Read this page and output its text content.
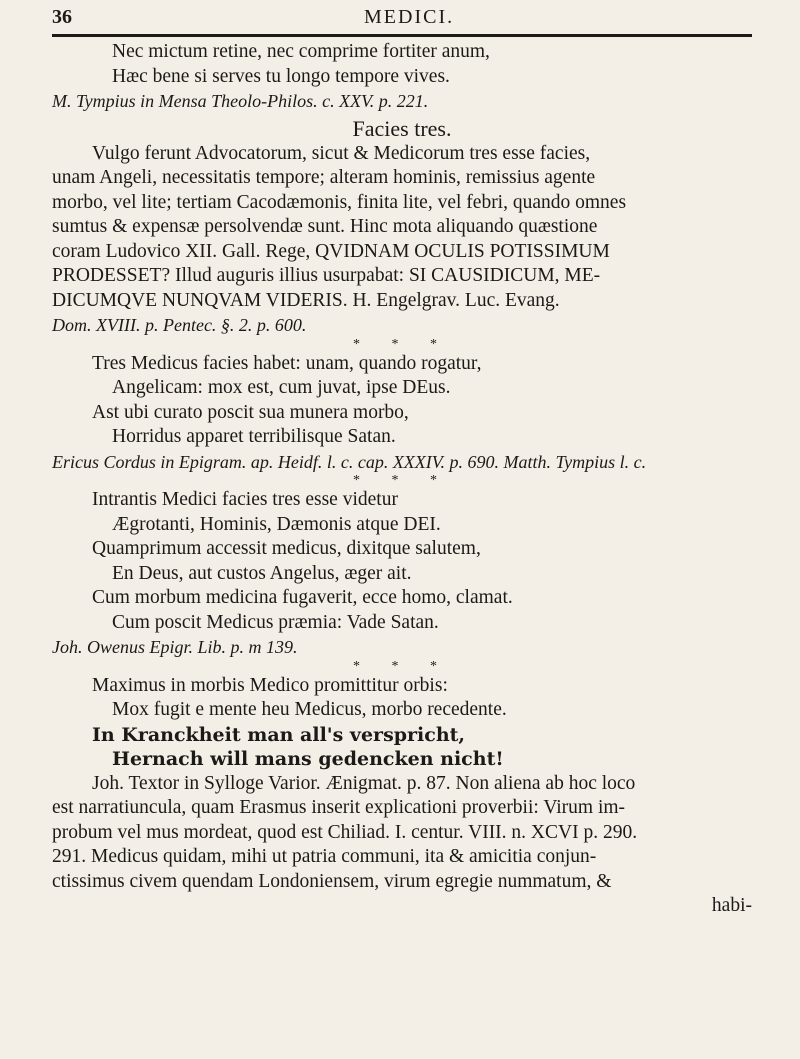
36	MEDICI.
Nec mictum retine, nec comprime fortiter anum,
Hæc bene si serves tu longo tempore vives.
M. Tympius in Mensa Theolo-Philos. c. XXV. p. 221.
Facies tres.
Vulgo ferunt Advocatorum, sicut & Medicorum tres esse facies,
unam Angeli, necessitatis tempore; alteram hominis, remissius agente
morbo, vel lite; tertiam Cacodæmonis, finita lite, vel febri, quando omnes
sumtus & expensæ persolvendæ sunt. Hinc mota aliquando quæstione
coram Ludovico XII. Gall. Rege, QVIDNAM OCULIS POTISSIMUM
PRODESSET? Illud auguris illius usurpabat: SI CAUSIDICUM, ME-
DICUMQVE NUNQVAM VIDERIS. H. Engelgrav. Luc. Evang.
Dom. XVIII. p. Pentec. §. 2. p. 600.
* * *
Tres Medicus facies habet: unam, quando rogatur,
Angelicam: mox est, cum juvat, ipse DEus.
Ast ubi curato poscit sua munera morbo,
Horridus apparet terribilisque Satan.
Ericus Cordus in Epigram. ap. Heidf. l. c. cap. XXXIV. p. 690. Matth. Tympius l. c.
* * *
Intrantis Medici facies tres esse videtur
Ægrotanti, Hominis, Dæmonis atque DEI.
Quamprimum accessit medicus, dixitque salutem,
En Deus, aut custos Angelus, æger ait.
Cum morbum medicina fugaverit, ecce homo, clamat.
Cum poscit Medicus præmia: Vade Satan.
Joh. Owenus Epigr. Lib. p. m 139.
* * *
Maximus in morbis Medico promittitur orbis:
Mox fugit e mente heu Medicus, morbo recedente.
In Kranckheit man all's verspricht,
Hernach will mans gedencken nicht!
Joh. Textor in Sylloge Varior. Ænigmat. p. 87. Non aliena ab hoc loco
est narratiuncula, quam Erasmus inserit explicationi proverbii: Virum im-
probum vel mus mordeat, quod est Chiliad. I. centur. VIII. n. XCVI p. 290.
291. Medicus quidam, mihi ut patria communi, ita & amicitia conjun-
ctissimus civem quendam Londoniensem, virum egregie nummatum, &
habi-
